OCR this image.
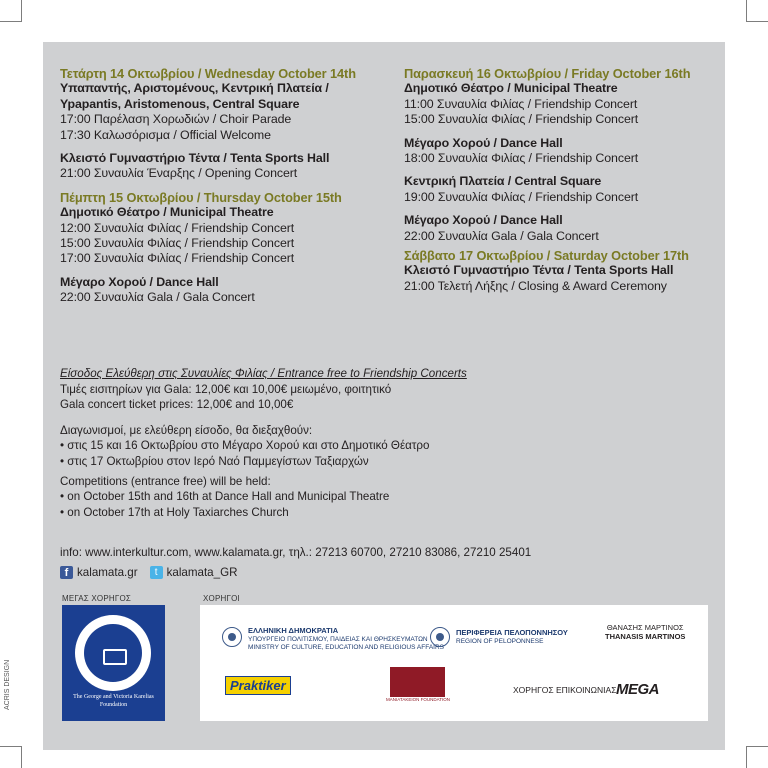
Τετάρτη 14 Οκτωβρίου / Wednesday October 14th
Υπαπαντής, Αριστομένους, Κεντρική Πλατεία /
Ypapantis, Aristomenous, Central Square
17:00 Παρέλαση Χορωδιών / Choir Parade
17:30 Καλωσόρισμα / Official Welcome
Κλειστό Γυμναστήριο Τέντα / Tenta Sports Hall
21:00 Συναυλία Έναρξης / Opening Concert
Πέμπτη 15 Οκτωβρίου / Thursday October 15th
Δημοτικό Θέατρο / Municipal Theatre
12:00 Συναυλία Φιλίας / Friendship Concert
15:00 Συναυλία Φιλίας / Friendship Concert
17:00 Συναυλία Φιλίας / Friendship Concert
Μέγαρο Χορού / Dance Hall
22:00 Συναυλία Gala / Gala Concert
Παρασκευή 16 Οκτωβρίου / Friday October 16th
Δημοτικό Θέατρο / Municipal Theatre
11:00 Συναυλία Φιλίας / Friendship Concert
15:00 Συναυλία Φιλίας / Friendship Concert
Μέγαρο Χορού / Dance Hall
18:00 Συναυλία Φιλίας / Friendship Concert
Κεντρική Πλατεία / Central Square
19:00 Συναυλία Φιλίας / Friendship Concert
Μέγαρο Χορού / Dance Hall
22:00 Συναυλία Gala / Gala Concert
Σάββατο 17 Οκτωβρίου / Saturday October 17th
Κλειστό Γυμναστήριο Τέντα / Tenta Sports Hall
21:00 Τελετή Λήξης / Closing & Award Ceremony
Είσοδος Ελεύθερη στις Συναυλίες Φιλίας / Entrance free to Friendship Concerts
Τιμές εισιτηρίων για Gala: 12,00€ και 10,00€ μειωμένο, φοιτητικό
Gala concert ticket prices: 12,00€ and 10,00€
Διαγωνισμοί, με ελεύθερη είσοδο, θα διεξαχθούν:
• στις 15 και 16 Οκτωβρίου στο Μέγαρο Χορού και στο Δημοτικό Θέατρο
• στις 17 Οκτωβρίου στον Ιερό Ναό Παμμεγίστων Ταξιαρχών
Competitions (entrance free) will be held:
• on October 15th and 16th at Dance Hall and Municipal Theatre
• on October 17th at Holy Taxiarches Church
info: www.interkultur.com, www.kalamata.gr, τηλ.: 27213 60700, 27210 83086, 27210 25401
f kalamata.gr	t kalamata_GR
ΜΕΓΑΣ ΧΟΡΗΓΟΣ	ΧΟΡΗΓΟΙ
The George and Victoria Karelias Foundation
ΕΛΛΗΝΙΚΗ ΔΗΜΟΚΡΑΤΙΑ
ΥΠΟΥΡΓΕΙΟ ΠΟΛΙΤΙΣΜΟΥ, ΠΑΙΔΕΙΑΣ ΚΑΙ ΘΡΗΣΚΕΥΜΑΤΩΝ
MINISTRY OF CULTURE, EDUCATION AND RELIGIOUS AFFAIRS
ΠΕΡΙΦΕΡΕΙΑ ΠΕΛΟΠΟΝΝΗΣΟΥ
REGION OF PELOPONNESE
ΘΑΝΑΣΗΣ ΜΑΡΤΙΝΟΣ
THANASIS MARTINOS
Praktiker
MANIATAKEION FOUNDATION
ΧΟΡΗΓΟΣ ΕΠΙΚΟΙΝΩΝΙΑΣ ΜΕGA
ACRIS DESIGN
